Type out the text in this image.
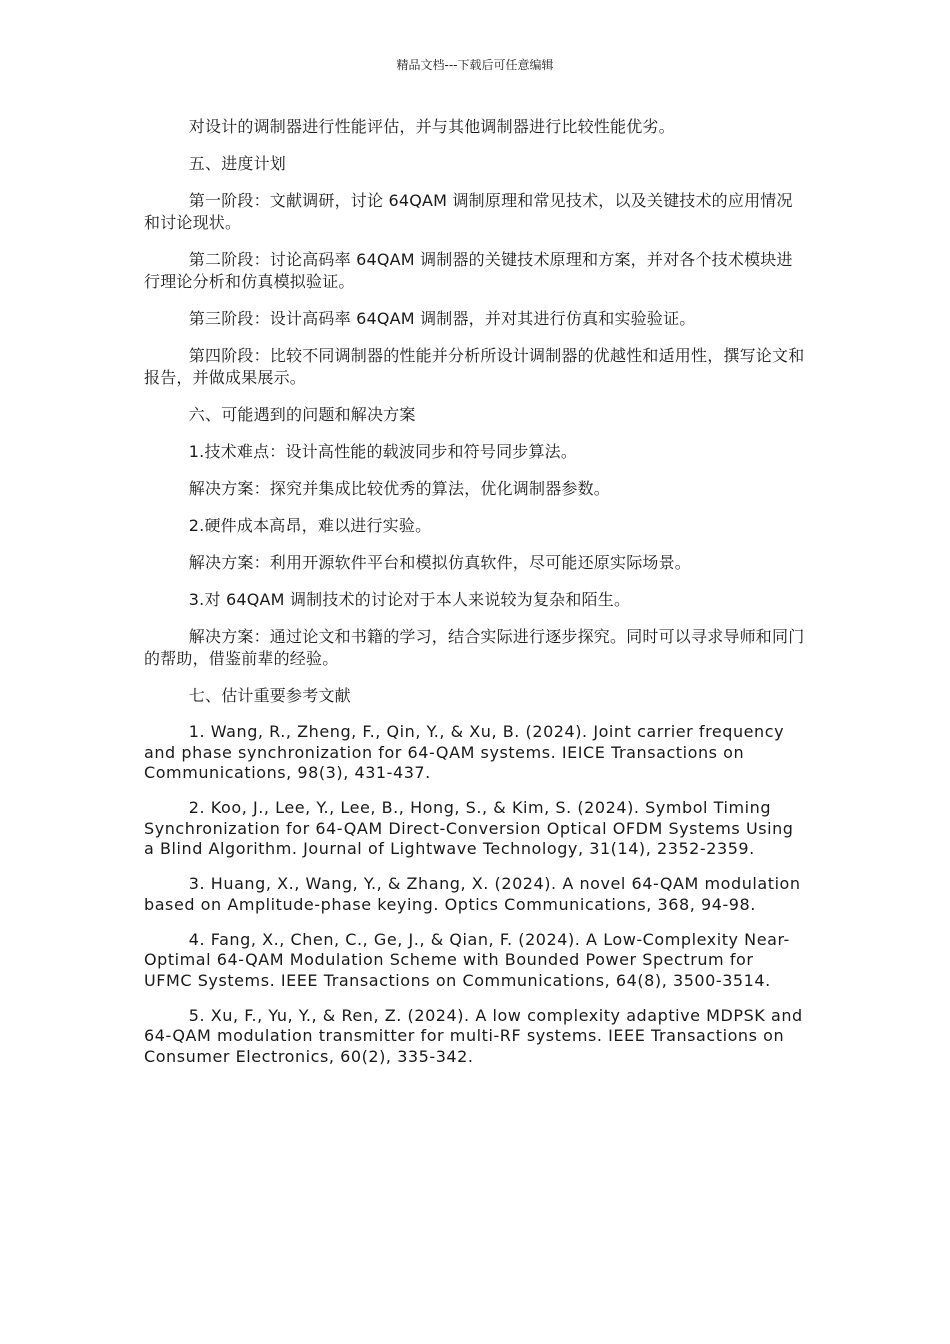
精品文档---下载后可任意编辑

对设计的调制器进行性能评估，并与其他调制器进行比较性能优劣。

五、进度计划

第一阶段：文献调研，讨论 64QAM 调制原理和常见技术，以及关键技术的应用情况和讨论现状。

第二阶段：讨论高码率 64QAM 调制器的关键技术原理和方案，并对各个技术模块进行理论分析和仿真模拟验证。

第三阶段：设计高码率 64QAM 调制器，并对其进行仿真和实验验证。

第四阶段：比较不同调制器的性能并分析所设计调制器的优越性和适用性，撰写论文和报告，并做成果展示。

六、可能遇到的问题和解决方案

1.技术难点：设计高性能的载波同步和符号同步算法。

解决方案：探究并集成比较优秀的算法，优化调制器参数。

2.硬件成本高昂，难以进行实验。

解决方案：利用开源软件平台和模拟仿真软件，尽可能还原实际场景。

3.对 64QAM 调制技术的讨论对于本人来说较为复杂和陌生。

解决方案：通过论文和书籍的学习，结合实际进行逐步探究。同时可以寻求导师和同门的帮助，借鉴前辈的经验。

七、估计重要参考文献

1. Wang, R., Zheng, F., Qin, Y., & Xu, B. (2024). Joint carrier frequency and phase synchronization for 64-QAM systems. IEICE Transactions on Communications, 98(3), 431-437.

2. Koo, J., Lee, Y., Lee, B., Hong, S., & Kim, S. (2024). Symbol Timing Synchronization for 64-QAM Direct-Conversion Optical OFDM Systems Using a Blind Algorithm. Journal of Lightwave Technology, 31(14), 2352-2359.

3. Huang, X., Wang, Y., & Zhang, X. (2024). A novel 64-QAM modulation based on Amplitude-phase keying. Optics Communications, 368, 94-98.

4. Fang, X., Chen, C., Ge, J., & Qian, F. (2024). A Low-Complexity Near-Optimal 64-QAM Modulation Scheme with Bounded Power Spectrum for UFMC Systems. IEEE Transactions on Communications, 64(8), 3500-3514.

5. Xu, F., Yu, Y., & Ren, Z. (2024). A low complexity adaptive MDPSK and 64-QAM modulation transmitter for multi-RF systems. IEEE Transactions on Consumer Electronics, 60(2), 335-342.
